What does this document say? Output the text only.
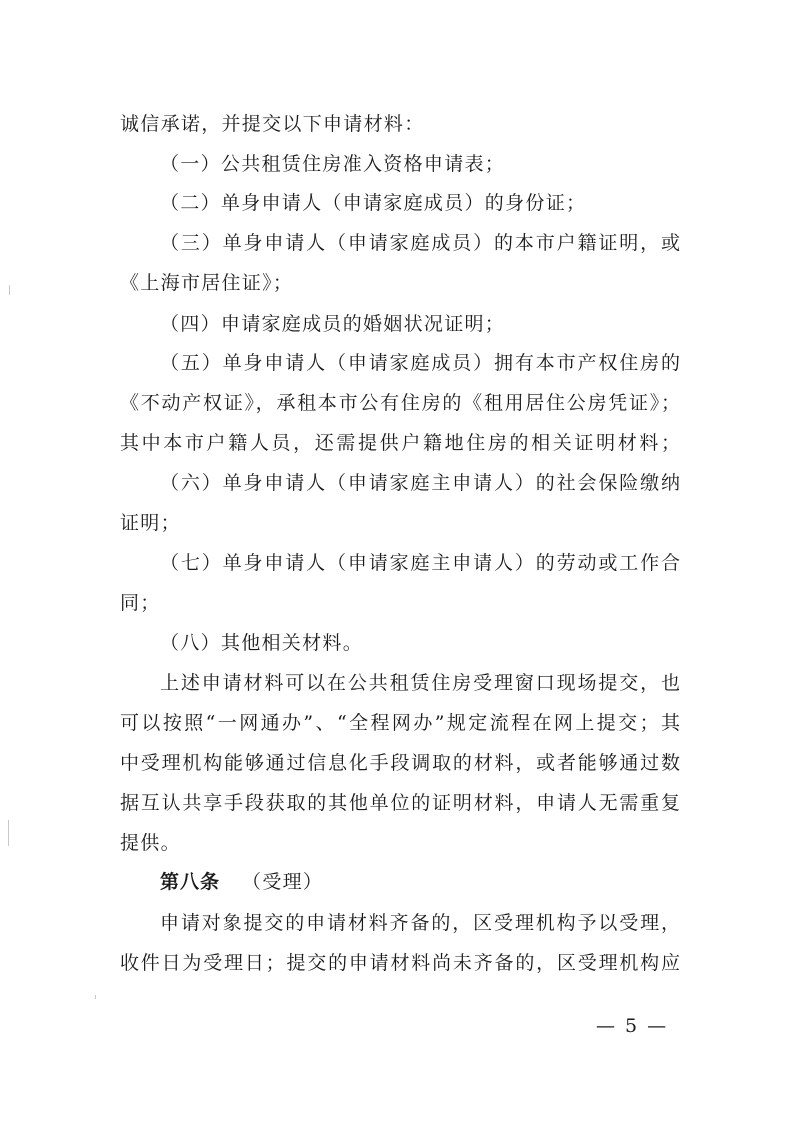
诚信承诺，并提交以下申请材料：
（一）公共租赁住房准入资格申请表；
（二）单身申请人（申请家庭成员）的身份证；
（三）单身申请人（申请家庭成员）的本市户籍证明，或
《上海市居住证》；
（四）申请家庭成员的婚姻状况证明；
（五）单身申请人（申请家庭成员）拥有本市产权住房的
《不动产权证》，承租本市公有住房的《租用居住公房凭证》；
其中本市户籍人员，还需提供户籍地住房的相关证明材料；
（六）单身申请人（申请家庭主申请人）的社会保险缴纳
证明；
（七）单身申请人（申请家庭主申请人）的劳动或工作合
同；
（八）其他相关材料。
上述申请材料可以在公共租赁住房受理窗口现场提交，也
可以按照“一网通办”、“全程网办”规定流程在网上提交；其
中受理机构能够通过信息化手段调取的材料，或者能够通过数
据互认共享手段获取的其他单位的证明材料，申请人无需重复
提供。
第八条 （受理）
申请对象提交的申请材料齐备的，区受理机构予以受理，
收件日为受理日；提交的申请材料尚未齐备的，区受理机构应
— 5 —
